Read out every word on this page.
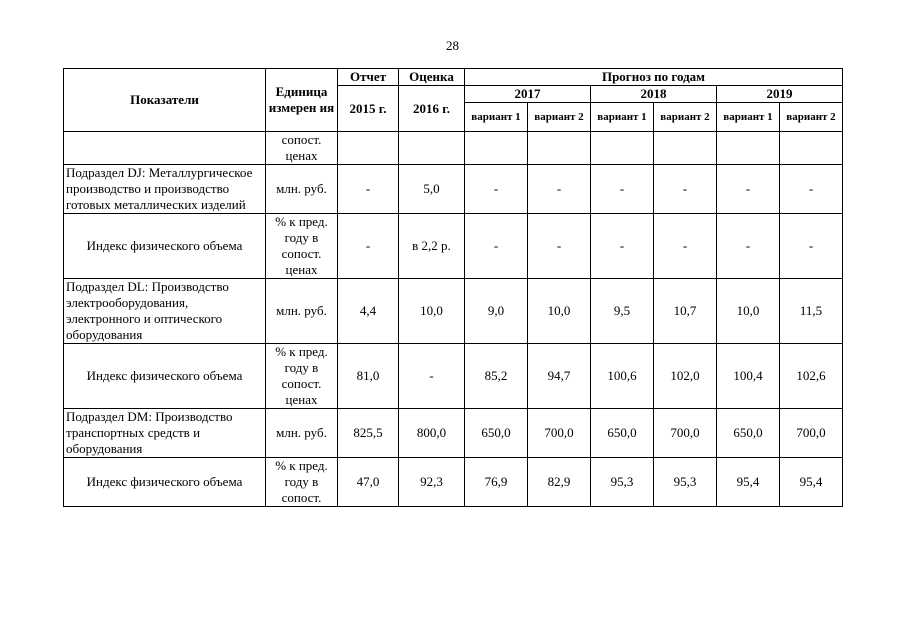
28
Показатели	Единица измерен ия	Отчет	Оценка	Прогноз по годам					
		2015 г.	2016 г.	2017		2018		2019	
				вариант 1	вариант 2	вариант 1	вариант 2	вариант 1	вариант 2
	сопост. ценах								
Подраздел DJ: Металлургическое производство и производство готовых металлических изделий	млн. руб.	-	5,0	-	-	-	-	-	-
Индекс физического объема	% к пред. году в сопост. ценах	-	в 2,2 р.	-	-	-	-	-	-
Подраздел DL: Производство электрооборудования, электронного и оптического оборудования	млн. руб.	4,4	10,0	9,0	10,0	9,5	10,7	10,0	11,5
Индекс физического объема	% к пред. году в сопост. ценах	81,0	-	85,2	94,7	100,6	102,0	100,4	102,6
Подраздел DM: Производство транспортных средств и оборудования	млн. руб.	825,5	800,0	650,0	700,0	650,0	700,0	650,0	700,0
Индекс физического объема	% к пред. году в сопост.	47,0	92,3	76,9	82,9	95,3	95,3	95,4	95,4
